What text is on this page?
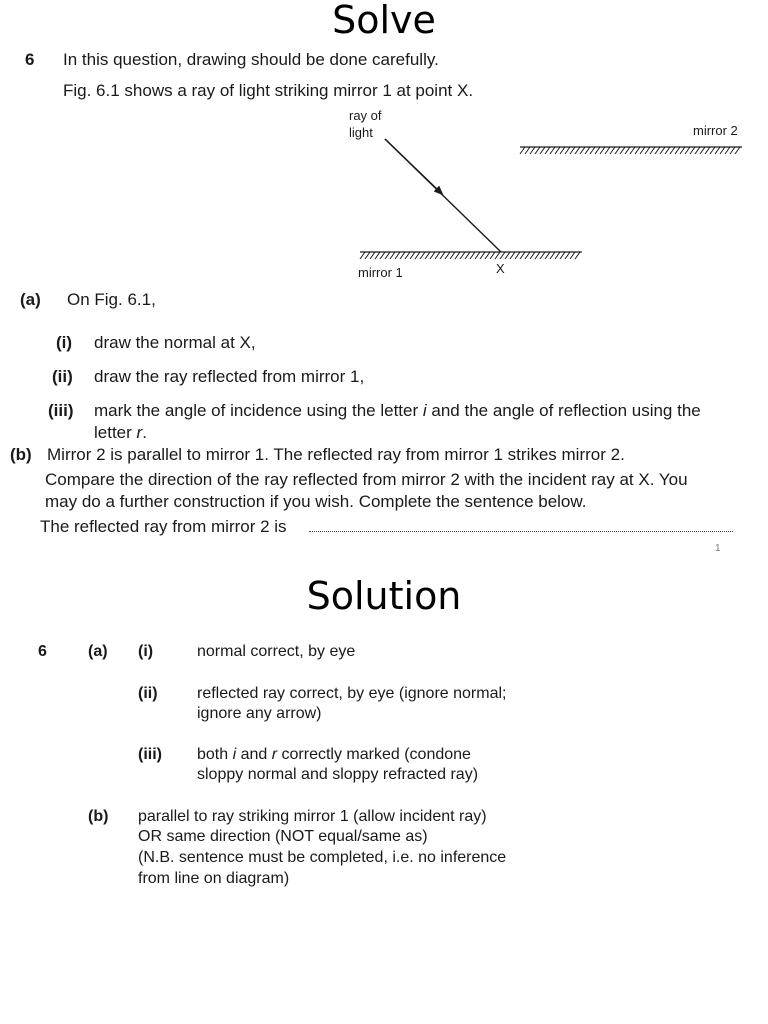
Solve
6 In this question, drawing should be done carefully.
Fig. 6.1 shows a ray of light striking mirror 1 at point X.
ray of
light	mirror 2
mirror 1	X
(a) On Fig. 6.1,
(i) draw the normal at X,
(ii) draw the ray reflected from mirror 1,
(iii) mark the angle of incidence using the letter i and the angle of reflection using the
letter r.
(b) Mirror 2 is parallel to mirror 1. The reflected ray from mirror 1 strikes mirror 2.
Compare the direction of the ray reflected from mirror 2 with the incident ray at X. You
may do a further construction if you wish. Complete the sentence below.
The reflected ray from mirror 2 is
1
Solution
6	(a) (i)	normal correct, by eye
(ii) reflected ray correct, by eye (ignore normal;
ignore any arrow)
(iii) both i and r correctly marked (condone
sloppy normal and sloppy refracted ray)
(b) parallel to ray striking mirror 1 (allow incident ray)
OR same direction (NOT equal/same as)
(N.B. sentence must be completed, i.e. no inference
from line on diagram)
